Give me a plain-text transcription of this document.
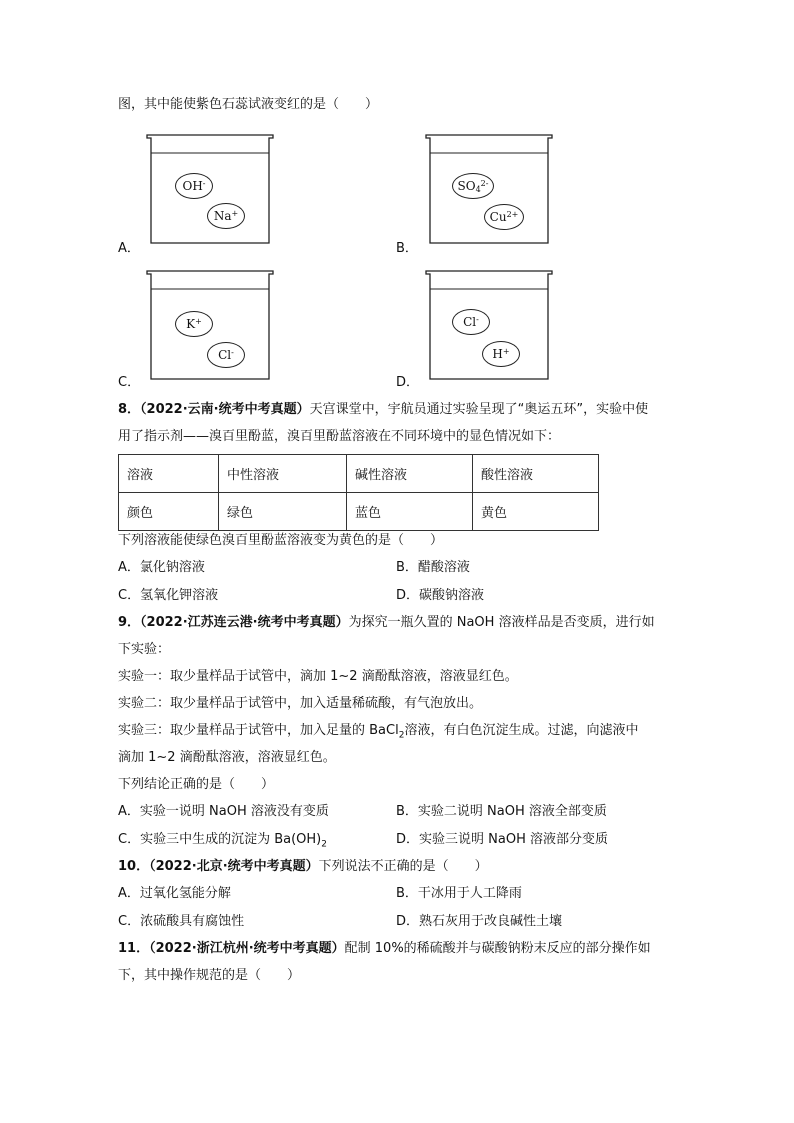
图，其中能使紫色石蕊试液变红的是（　　）
OH-
Na+
A．
$SO_4^{2-}$
$Cu^{2+}$
B．
K+
Cl-
C．
Cl-
H+
D．
8．（2022·云南·统考中考真题）天宫课堂中，宇航员通过实验呈现了“奥运五环”，实验中使
用了指示剂——溴百里酚蓝，溴百里酚蓝溶液在不同环境中的显色情况如下：
溶液	中性溶液	碱性溶液	酸性溶液
颜色	绿色	蓝色	黄色
下列溶液能使绿色溴百里酚蓝溶液变为黄色的是（　　）
A．氯化钠溶液	B．醋酸溶液
C．氢氧化钾溶液	D．碳酸钠溶液
9．（2022·江苏连云港·统考中考真题）为探究一瓶久置的 NaOH 溶液样品是否变质，进行如
下实验：
实验一：取少量样品于试管中，滴加 1~2 滴酚酞溶液，溶液显红色。
实验二：取少量样品于试管中，加入适量稀硫酸，有气泡放出。
实验三：取少量样品于试管中，加入足量的 BaCl$_2$溶液，有白色沉淀生成。过滤，向滤液中
滴加 1~2 滴酚酞溶液，溶液显红色。
下列结论正确的是（　　）
A．实验一说明 NaOH 溶液没有变质	B．实验二说明 NaOH 溶液全部变质
C．实验三中生成的沉淀为 $Ba(OH)_2$	D．实验三说明 NaOH 溶液部分变质
10．（2022·北京·统考中考真题）下列说法不正确的是（　　）
A．过氧化氢能分解	B．干冰用于人工降雨
C．浓硫酸具有腐蚀性	D．熟石灰用于改良碱性土壤
11．（2022·浙江杭州·统考中考真题）配制 10%的稀硫酸并与碳酸钠粉末反应的部分操作如
下，其中操作规范的是（　　）
